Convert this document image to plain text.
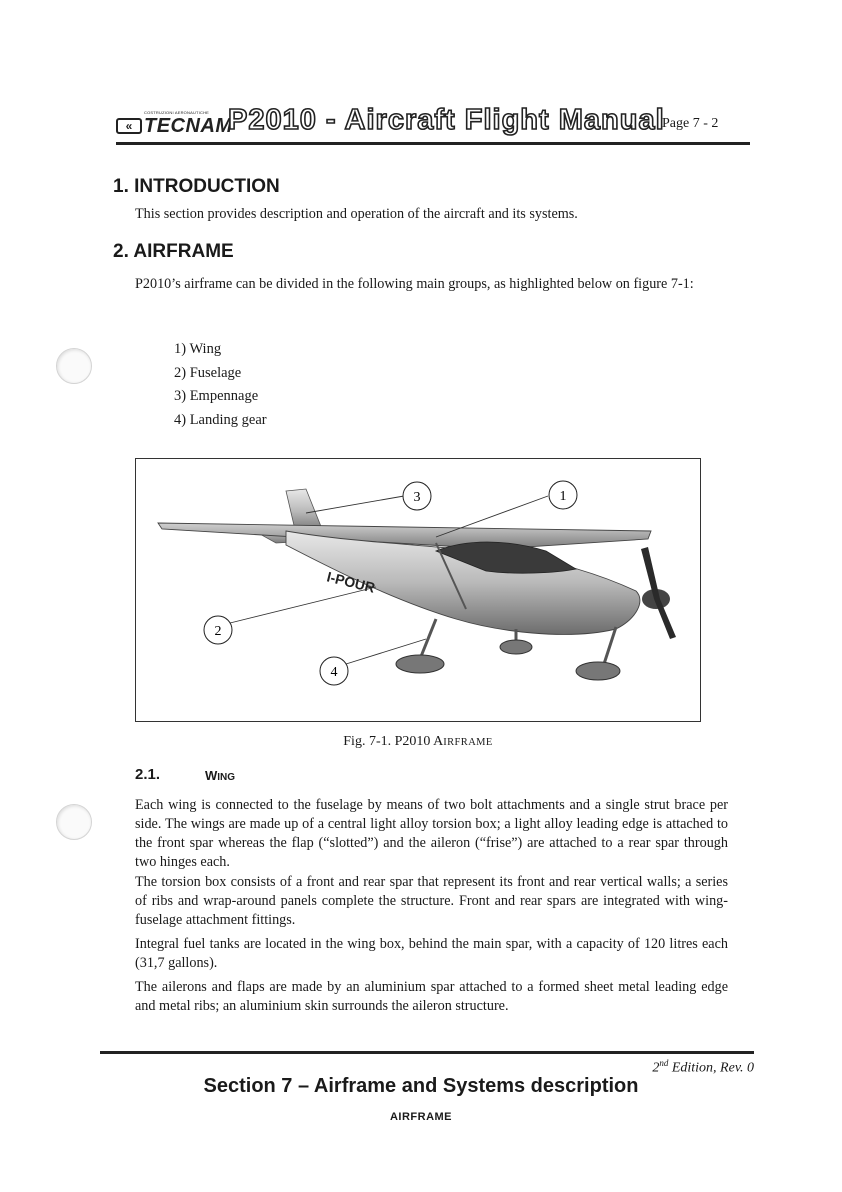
COSTRUZIONI AERONAUTICHE
« TECNAM
P2010 - Aircraft Flight Manual
Page 7 - 2
1. INTRODUCTION

This section provides description and operation of the aircraft and its systems.

2. AIRFRAME

P2010’s airframe can be divided in the following main groups, as highlighted below on figure 7-1:

1) Wing
2) Fuselage
3) Empennage
4) Landing gear
I-POUR
1
2
3
4
Fig. 7-1. P2010 AIRFRAME
2.1.	WING

Each wing is connected to the fuselage by means of two bolt attachments and a single strut brace per side. The wings are made up of a central light alloy torsion box; a light alloy leading edge is attached to the front spar whereas the flap (“slotted”) and the aileron (“frise”) are attached to a rear spar through two hinges each.

The torsion box consists of a front and rear spar that represent its front and rear vertical walls; a series of ribs and wrap-around panels complete the structure. Front and rear spars are integrated with wing-fuselage attachment fittings.

Integral fuel tanks are located in the wing box, behind the main spar, with a capacity of 120 litres each (31,7 gallons).

The ailerons and flaps are made by an aluminium spar attached to a formed sheet metal leading edge and metal ribs; an aluminium skin surrounds the aileron structure.

2nd Edition, Rev. 0
Section 7 – Airframe and Systems description
AIRFRAME
